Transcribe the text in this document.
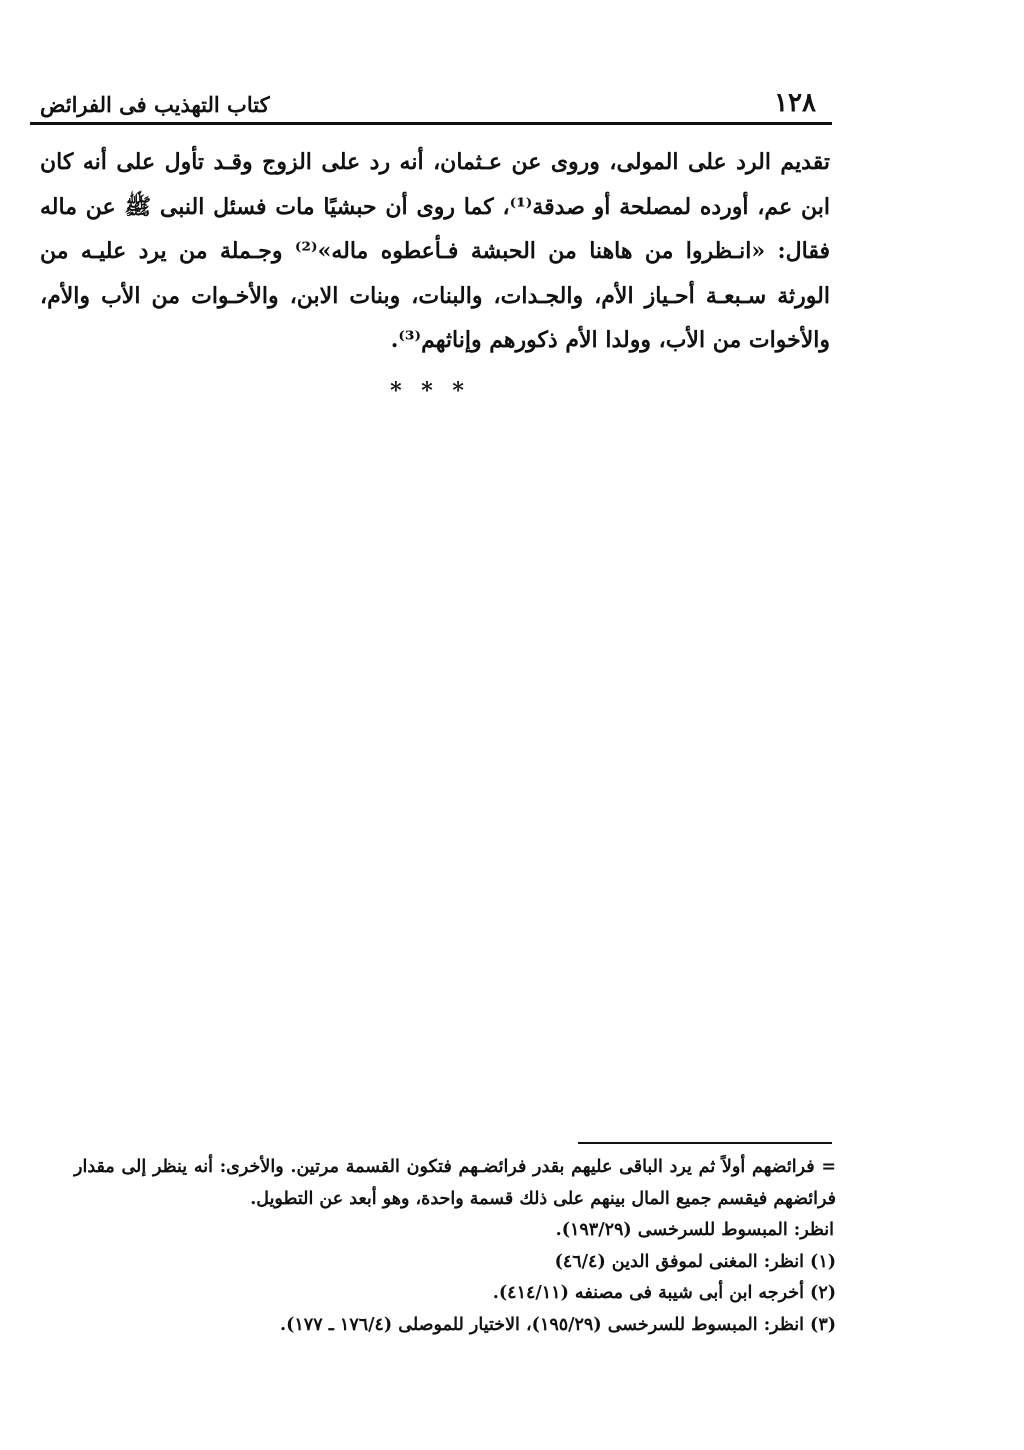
١٢٨
كتاب التهذيب فى الفرائض

تقديم الرد على المولى، وروى عن عـثمان، أنه رد على الزوج وقـد تأول على أنه كان ابن عم، أورده لمصلحة أو صدقة⁽¹⁾، كما روى أن حبشيًا مات فسئل النبى ﷺ عن ماله فقال: «انـظروا من هاهنا من الحبشة فـأعطوه ماله»⁽²⁾ وجـملة من يرد عليـه من الورثة سـبعـة أحـياز الأم، والجـدات، والبنات، وبنات الابن، والأخـوات من الأب والأم، والأخوات من الأب، وولدا الأم ذكورهم وإناثهم⁽³⁾.

* * *

= فرائضهم أولاً ثم يرد الباقى عليهم بقدر فرائضـهم فتكون القسمة مرتين. والأخرى: أنه ينظر إلى مقدار فرائضهم فيقسم جميع المال بينهم على ذلك قسمة واحدة، وهو أبعد عن التطويل.

انظر: المبسوط للسرخسى (١٩٣/٢٩).

(١) انظر: المغنى لموفق الدين (٤٦/٤)

(٢) أخرجه ابن أبى شيبة فى مصنفه (٤١٤/١١).

(٣) انظر: المبسوط للسرخسى (١٩٥/٢٩)، الاختيار للموصلى (١٧٦/٤ ـ ١٧٧).
